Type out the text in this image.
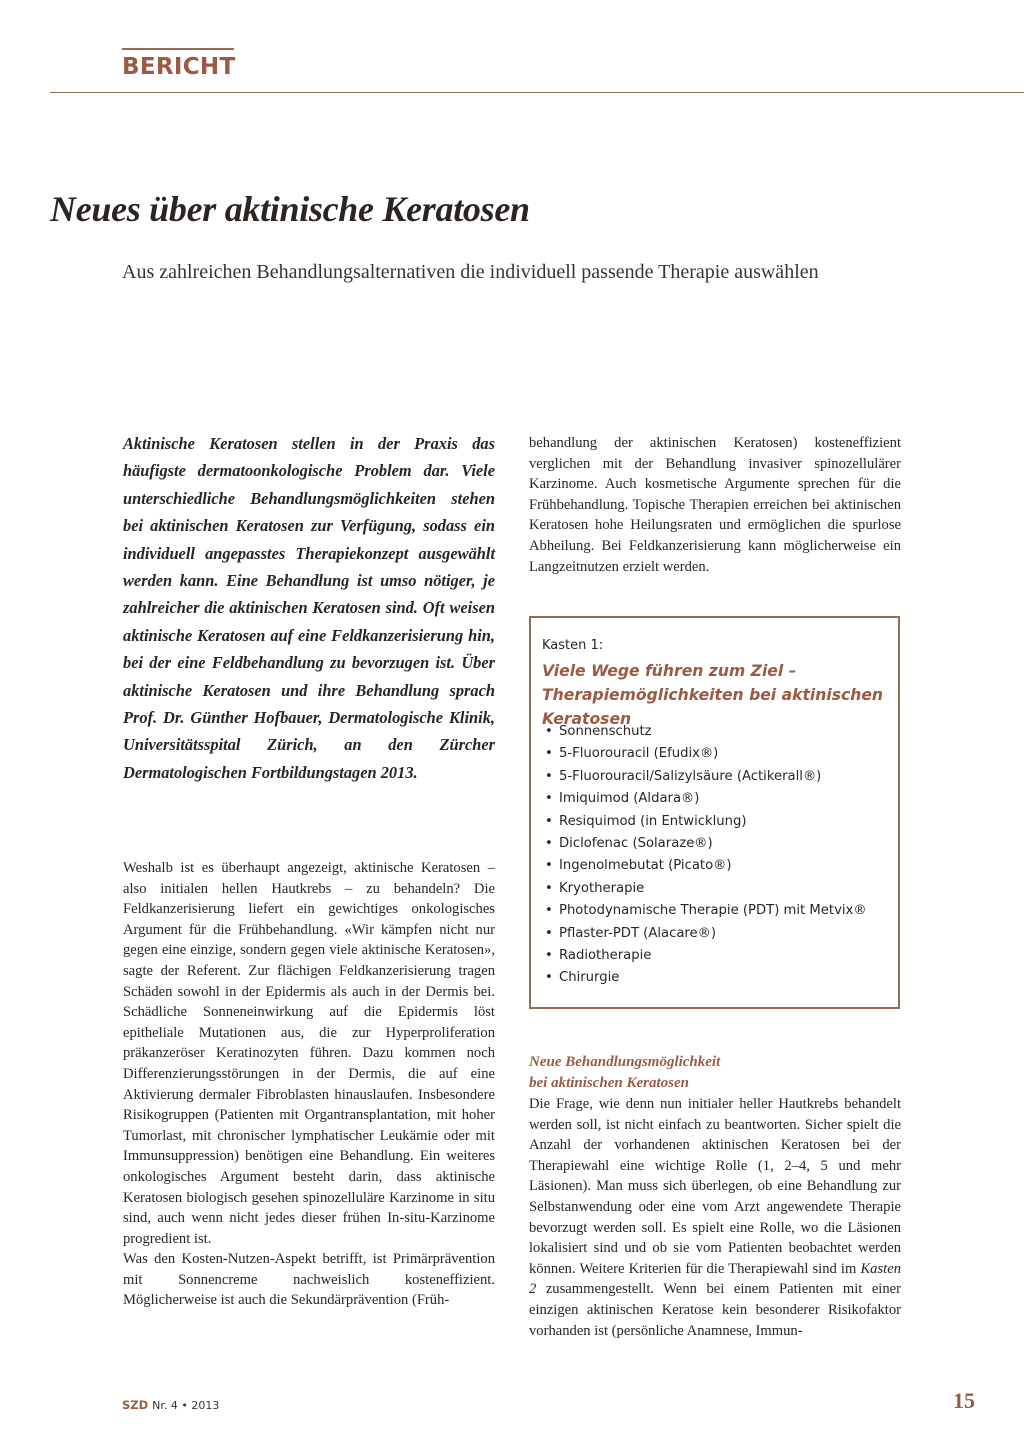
BERICHT
Neues über aktinische Keratosen

Aus zahlreichen Behandlungsalternativen die individuell passende Therapie auswählen

Aktinische Keratosen stellen in der Praxis das häufigste dermatoonkologische Problem dar. Viele unterschiedliche Behandlungsmöglichkeiten stehen bei aktinischen Keratosen zur Verfügung, sodass ein individuell angepasstes Therapiekonzept ausgewählt werden kann. Eine Behandlung ist umso nötiger, je zahlreicher die aktinischen Keratosen sind. Oft weisen aktinische Keratosen auf eine Feldkanzerisierung hin, bei der eine Feldbehandlung zu bevorzugen ist. Über aktinische Keratosen und ihre Behandlung sprach Prof. Dr. Günther Hofbauer, Dermatologische Klinik, Universitätsspital Zürich, an den Zürcher Dermatologischen Fortbildungstagen 2013.

Weshalb ist es überhaupt angezeigt, aktinische Keratosen – also initialen hellen Hautkrebs – zu behandeln? Die Feldkanzerisierung liefert ein gewichtiges onkologisches Argument für die Frühbehandlung. «Wir kämpfen nicht nur gegen eine einzige, sondern gegen viele aktinische Keratosen», sagte der Referent. Zur flächigen Feldkanzerisierung tragen Schäden sowohl in der Epidermis als auch in der Dermis bei. Schädliche Sonneneinwirkung auf die Epidermis löst epitheliale Mutationen aus, die zur Hyperproliferation präkanzeröser Keratinozyten führen. Dazu kommen noch Differenzierungsstörungen in der Dermis, die auf eine Aktivierung dermaler Fibroblasten hinauslaufen. Insbesondere Risikogruppen (Patienten mit Organtransplantation, mit hoher Tumorlast, mit chronischer lymphatischer Leukämie oder mit Immunsuppression) benötigen eine Behandlung. Ein weiteres onkologisches Argument besteht darin, dass aktinische Keratosen biologisch gesehen spinozelluläre Karzinome in situ sind, auch wenn nicht jedes dieser frühen In-situ-Karzinome progredient ist.

Was den Kosten-Nutzen-Aspekt betrifft, ist Primärprävention mit Sonnencreme nachweislich kosteneffizient. Möglicherweise ist auch die Sekundärprävention (Früh-

behandlung der aktinischen Keratosen) kosteneffizient verglichen mit der Behandlung invasiver spinozellulärer Karzinome. Auch kosmetische Argumente sprechen für die Frühbehandlung. Topische Therapien erreichen bei aktinischen Keratosen hohe Heilungsraten und ermöglichen die spurlose Abheilung. Bei Feldkanzerisierung kann möglicherweise ein Langzeitnutzen erzielt werden.

Kasten 1:

Viele Wege führen zum Ziel – Therapiemöglichkeiten bei aktinischen Keratosen

• Sonnenschutz
• 5-Fluorouracil (Efudix®)
• 5-Fluorouracil/Salizylsäure (Actikerall®)
• Imiquimod (Aldara®)
• Resiquimod (in Entwicklung)
• Diclofenac (Solaraze®)
• Ingenolmebutat (Picato®)
• Kryotherapie
• Photodynamische Therapie (PDT) mit Metvix®
• Pflaster-PDT (Alacare®)
• Radiotherapie
• Chirurgie
Neue Behandlungsmöglichkeit
bei aktinischen Keratosen

Die Frage, wie denn nun initialer heller Hautkrebs behandelt werden soll, ist nicht einfach zu beantworten. Sicher spielt die Anzahl der vorhandenen aktinischen Keratosen bei der Therapiewahl eine wichtige Rolle (1, 2–4, 5 und mehr Läsionen). Man muss sich überlegen, ob eine Behandlung zur Selbstanwendung oder eine vom Arzt angewendete Therapie bevorzugt werden soll. Es spielt eine Rolle, wo die Läsionen lokalisiert sind und ob sie vom Patienten beobachtet werden können. Weitere Kriterien für die Therapiewahl sind im Kasten 2 zusammengestellt. Wenn bei einem Patienten mit einer einzigen aktinischen Keratose kein besonderer Risikofaktor vorhanden ist (persönliche Anamnese, Immun-

SZD Nr. 4 • 2013	15
